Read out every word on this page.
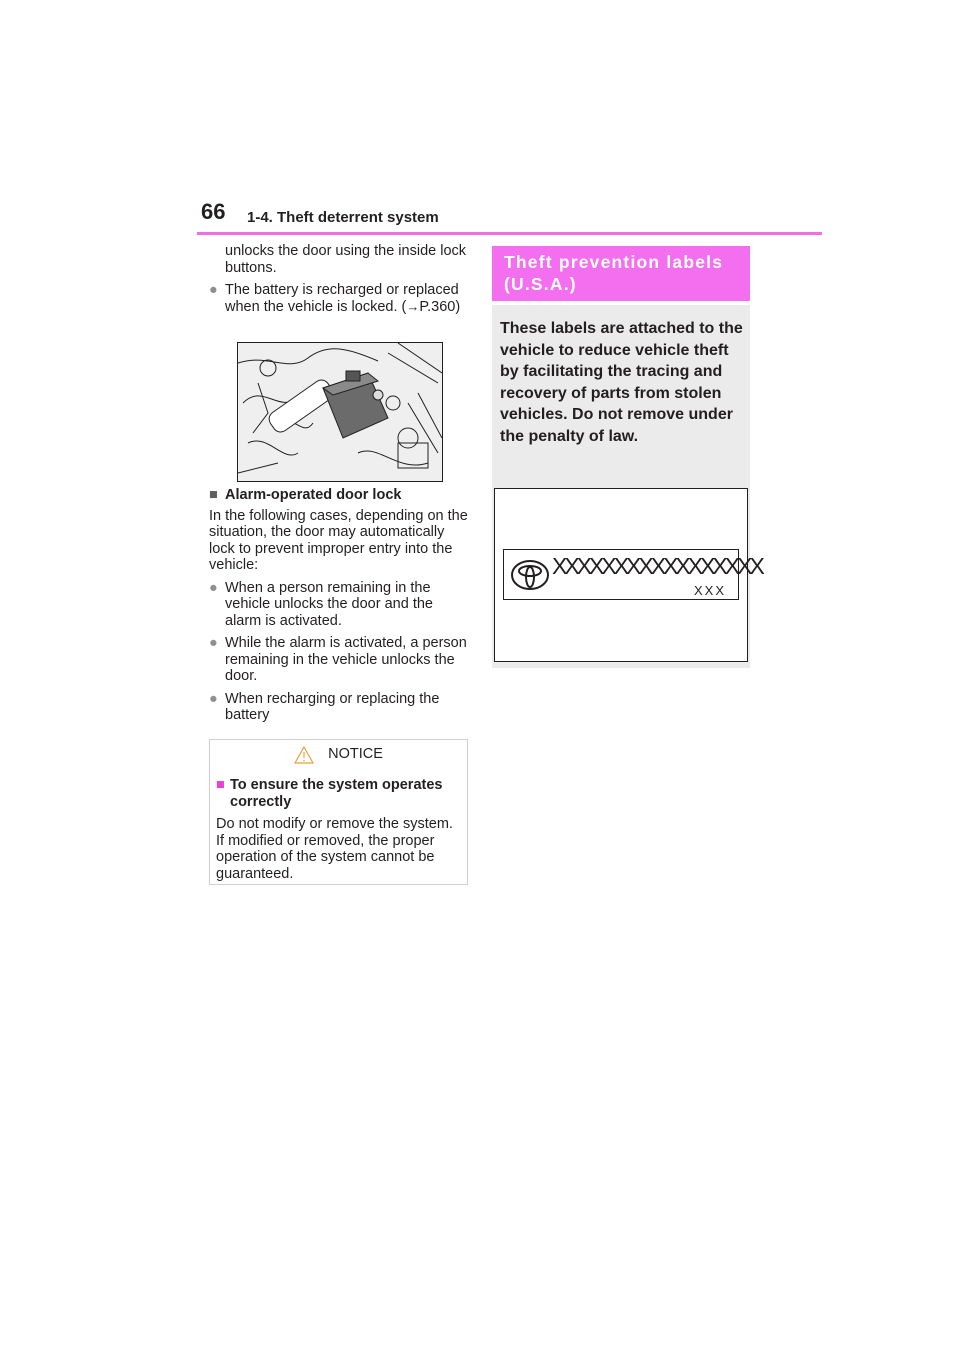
66 1-4. Theft deterrent system

unlocks the door using the inside lock buttons.

● The battery is recharged or replaced when the vehicle is locked. (→P.360)
■ Alarm-operated door lock

In the following cases, depending on the situation, the door may automatically lock to prevent improper entry into the vehicle:

● When a person remaining in the vehicle unlocks the door and the alarm is activated.
● While the alarm is activated, a person remaining in the vehicle unlocks the door.
● When recharging or replacing the battery
NOTICE
■ To ensure the system operates correctly
Do not modify or remove the system. If modified or removed, the proper operation of the system cannot be guaranteed.
Theft prevention labels (U.S.A.)
These labels are attached to the vehicle to reduce vehicle theft by facilitating the tracing and recovery of parts from stolen vehicles. Do not remove under the penalty of law.
XXXXXXXXXXXXXXXXX
XXX
